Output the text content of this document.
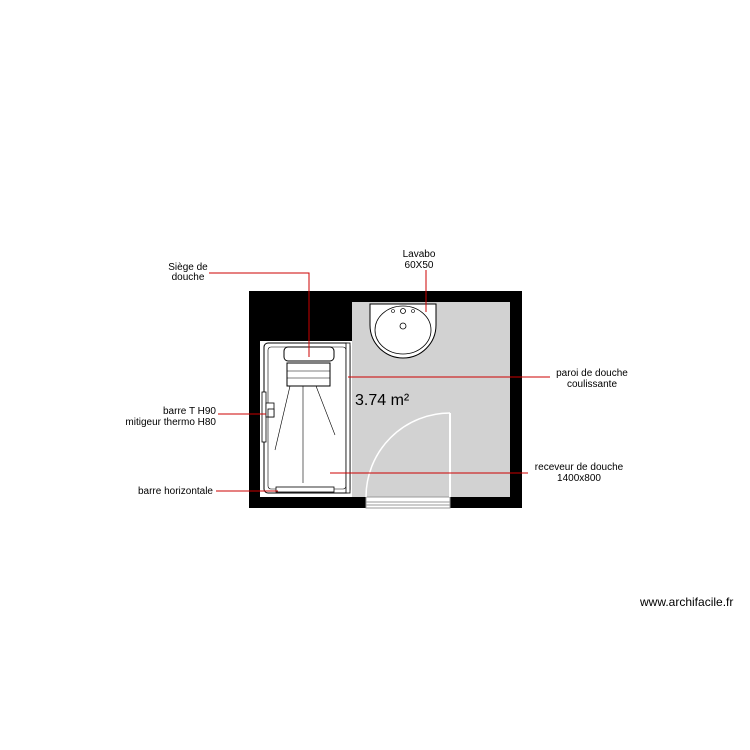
3.74 m²
Siège de
douche
Lavabo
60X50
paroi de douche
coulissante
barre T H90
mitigeur thermo H80
receveur de douche
1400x800
barre horizontale
www.archifacile.fr
